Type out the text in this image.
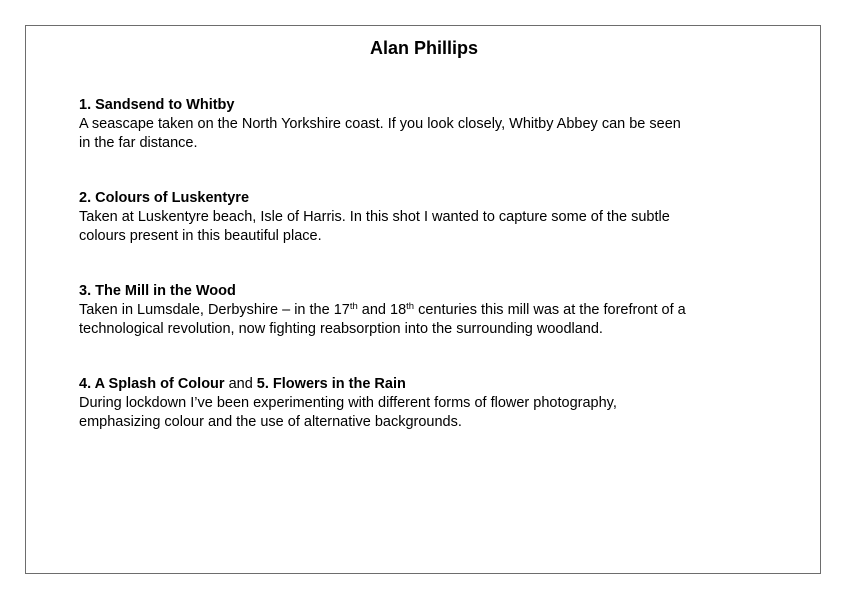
Alan Phillips
1. Sandsend to Whitby
A seascape taken on the North Yorkshire coast. If you look closely, Whitby Abbey can be seen
in the far distance.
2. Colours of Luskentyre
Taken at Luskentyre beach, Isle of Harris. In this shot I wanted to capture some of the subtle
colours present in this beautiful place.
3. The Mill in the Wood
Taken in Lumsdale, Derbyshire – in the 17th and 18th centuries this mill was at the forefront of a
technological revolution, now fighting reabsorption into the surrounding woodland.
4. A Splash of Colour and 5. Flowers in the Rain
During lockdown I’ve been experimenting with different forms of flower photography,
emphasizing colour and the use of alternative backgrounds.
